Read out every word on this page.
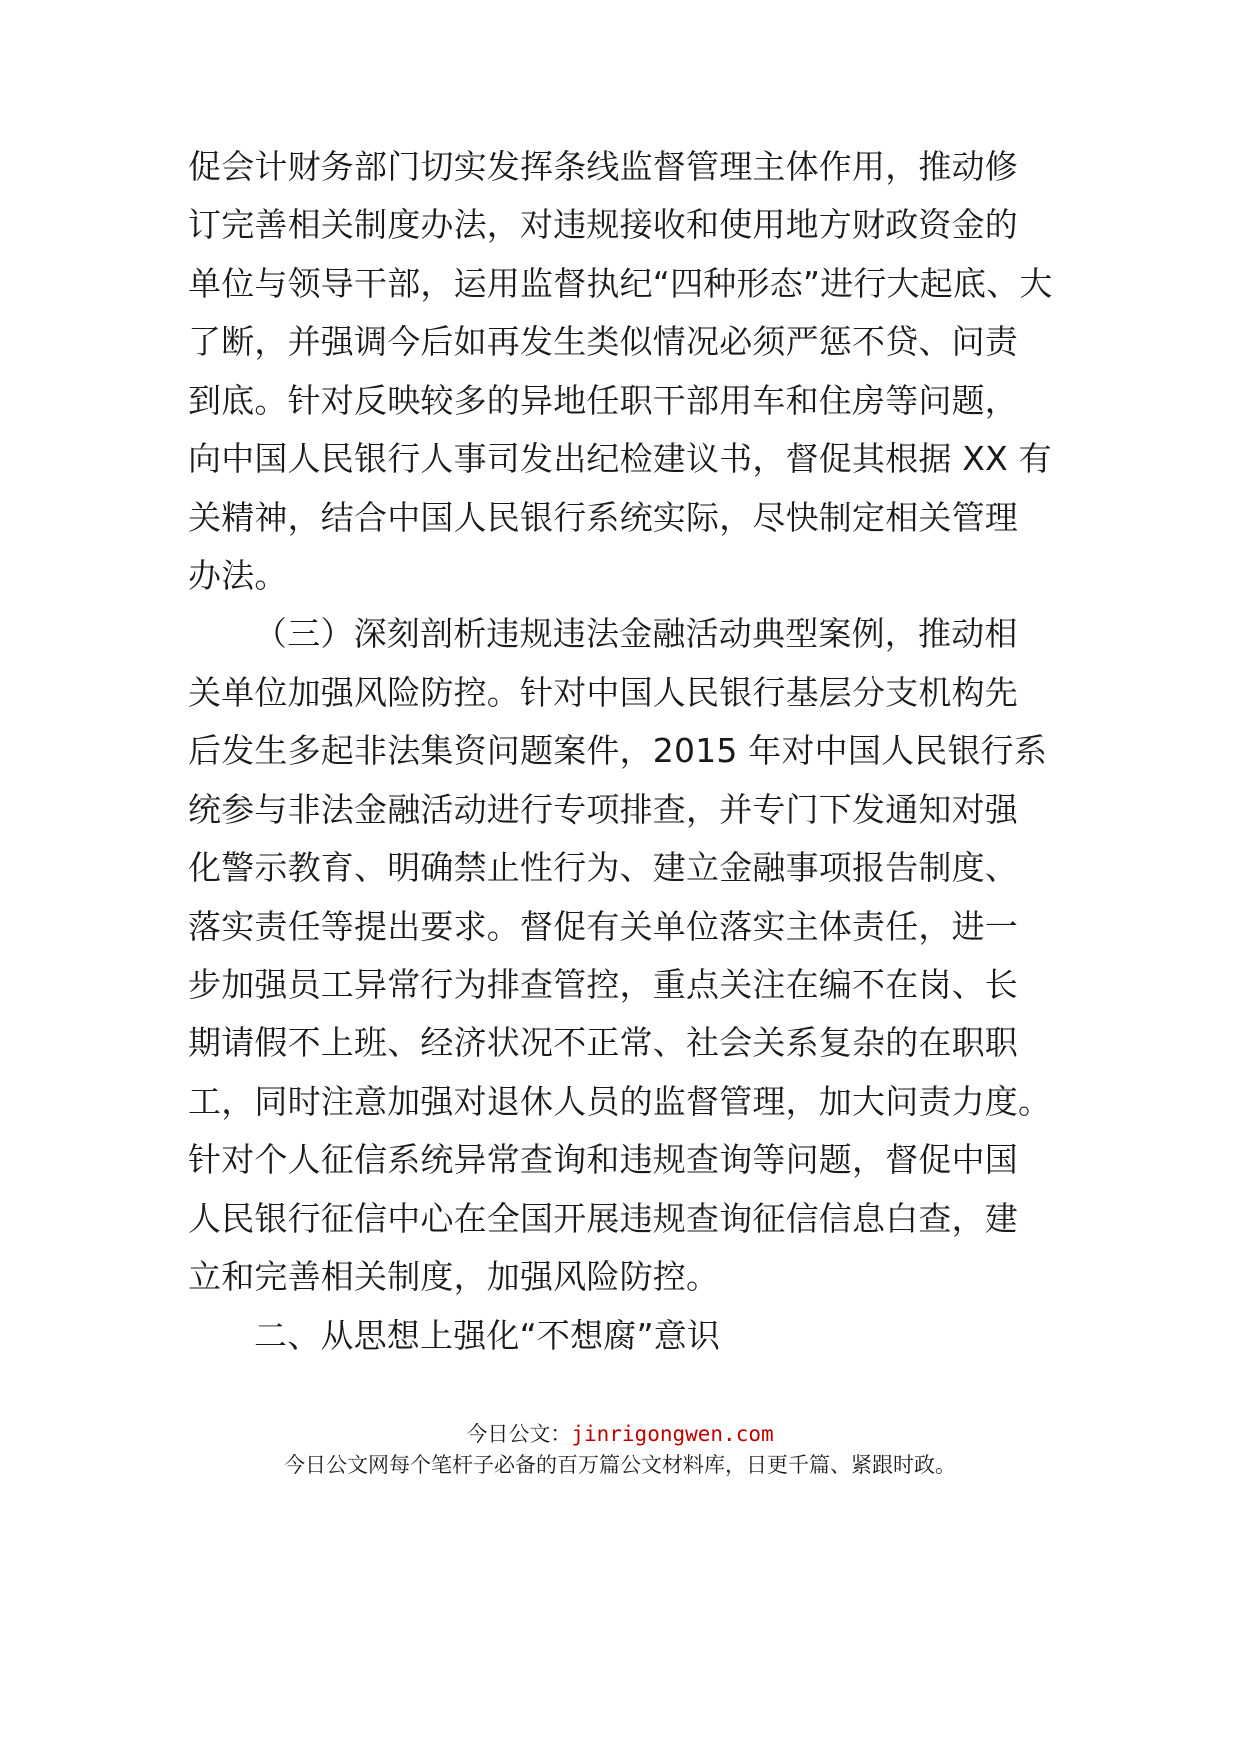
促会计财务部门切实发挥条线监督管理主体作用，推动修
订完善相关制度办法，对违规接收和使用地方财政资金的
单位与领导干部，运用监督执纪“四种形态”进行大起底、大
了断，并强调今后如再发生类似情况必须严惩不贷、问责
到底。针对反映较多的异地任职干部用车和住房等问题，
向中国人民银行人事司发出纪检建议书，督促其根据 XX 有
关精神，结合中国人民银行系统实际，尽快制定相关管理
办法。
（三）深刻剖析违规违法金融活动典型案例，推动相
关单位加强风险防控。针对中国人民银行基层分支机构先
后发生多起非法集资问题案件，2015 年对中国人民银行系
统参与非法金融活动进行专项排查，并专门下发通知对强
化警示教育、明确禁止性行为、建立金融事项报告制度、
落实责任等提出要求。督促有关单位落实主体责任，进一
步加强员工异常行为排查管控，重点关注在编不在岗、长
期请假不上班、经济状况不正常、社会关系复杂的在职职
工，同时注意加强对退休人员的监督管理，加大问责力度。
针对个人征信系统异常查询和违规查询等问题，督促中国
人民银行征信中心在全国开展违规查询征信信息白查，建
立和完善相关制度，加强风险防控。
二、从思想上强化“不想腐”意识
今日公文：jinrigongwen.com
今日公文网每个笔杆子必备的百万篇公文材料库，日更千篇、紧跟时政。
